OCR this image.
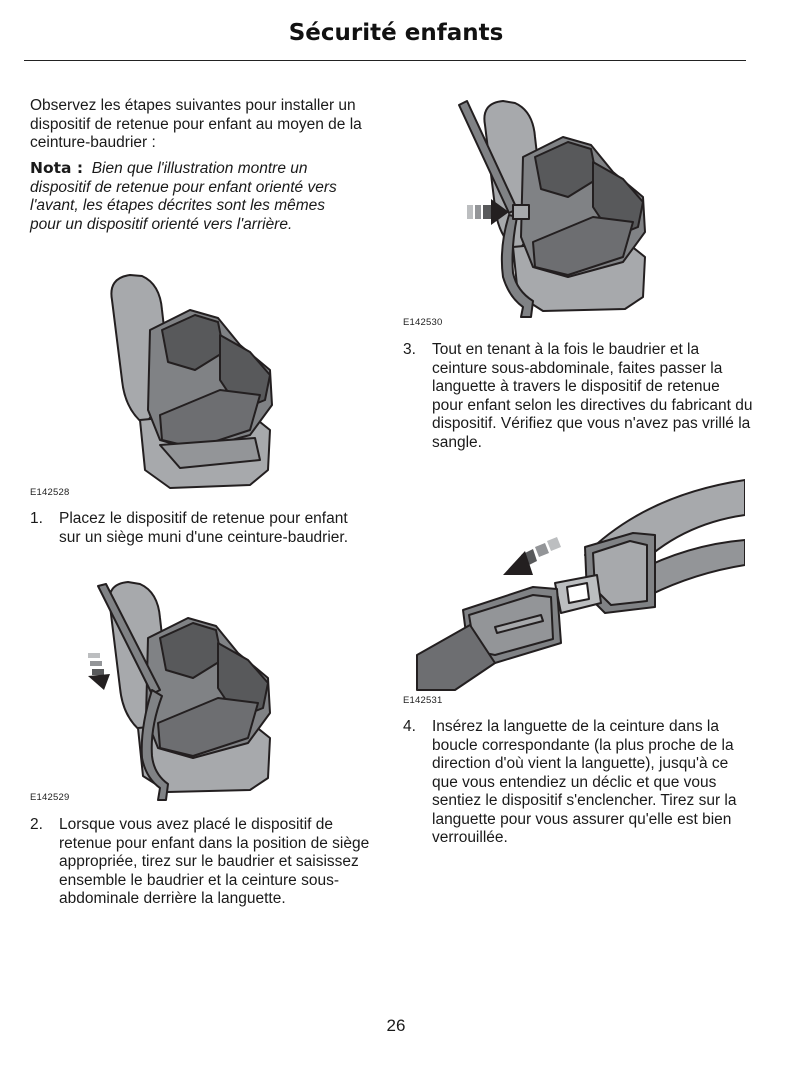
Sécurité enfants

Observez les étapes suivantes pour installer un dispositif de retenue pour enfant au moyen de la ceinture-baudrier :

Nota : Bien que l'illustration montre un dispositif de retenue pour enfant orienté vers l'avant, les étapes décrites sont les mêmes pour un dispositif orienté vers l'arrière.

E142528
1. Placez le dispositif de retenue pour enfant sur un siège muni d'une ceinture-baudrier.
E142529
2. Lorsque vous avez placé le dispositif de retenue pour enfant dans la position de siège appropriée, tirez sur le baudrier et saisissez ensemble le baudrier et la ceinture sous-abdominale derrière la languette.
E142530
3. Tout en tenant à la fois le baudrier et la ceinture sous-abdominale, faites passer la languette à travers le dispositif de retenue pour enfant selon les directives du fabricant du dispositif. Vérifiez que vous n'avez pas vrillé la sangle.
E142531
4. Insérez la languette de la ceinture dans la boucle correspondante (la plus proche de la direction d'où vient la languette), jusqu'à ce que vous entendiez un déclic et que vous sentiez le dispositif s'enclencher. Tirez sur la languette pour vous assurer qu'elle est bien verrouillée.
26
